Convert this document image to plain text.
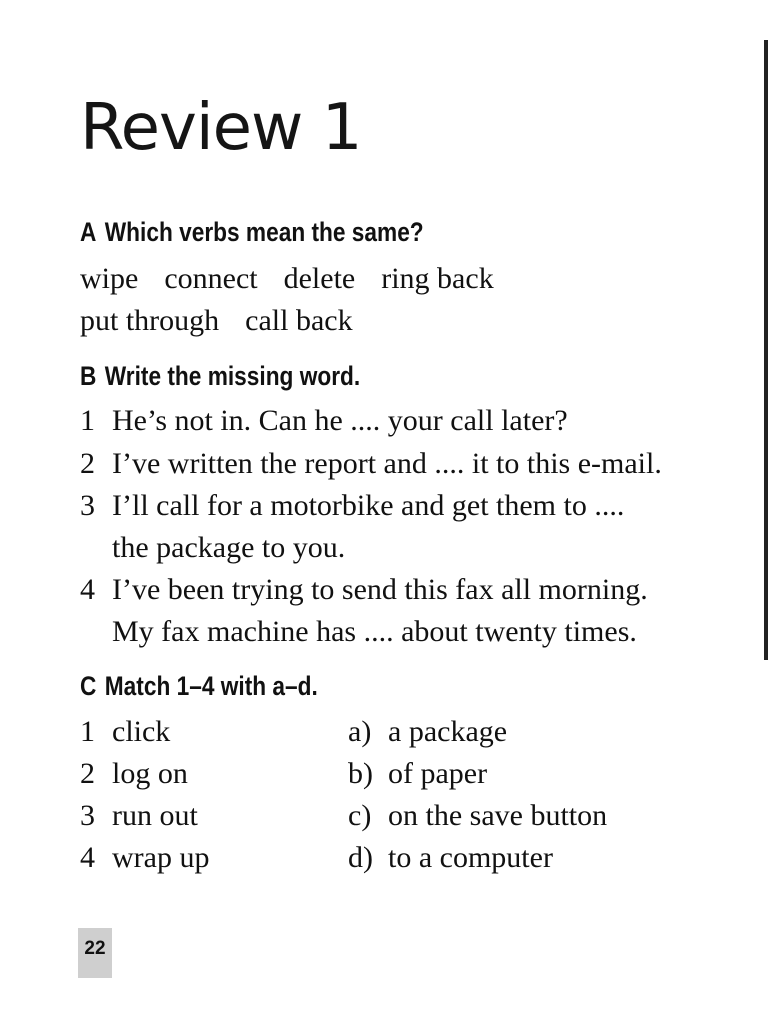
Review 1
A Which verbs mean the same?
wipe connect delete ring back
put through call back
B Write the missing word.
1 He’s not in. Can he .... your call later?
2 I’ve written the report and .... it to this e-mail.
3 I’ll call for a motorbike and get them to ....
the package to you.
4 I’ve been trying to send this fax all morning.
My fax machine has .... about twenty times.
C Match 1–4 with a–d.
1 click
2 log on
3 run out
4 wrap up
a) a package
b) of paper
c) on the save button
d) to a computer
22
